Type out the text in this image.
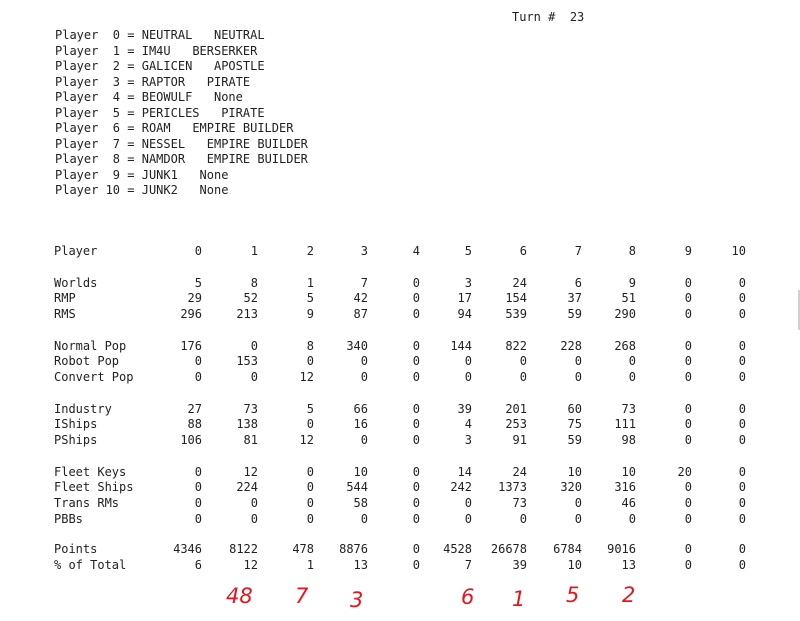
Turn # 23
Player  0 = NEUTRAL NEUTRAL
Player  1 = IM4U BERSERKER
Player  2 = GALICEN APOSTLE
Player  3 = RAPTOR PIRATE
Player  4 = BEOWULF None
Player  5 = PERICLES PIRATE
Player  6 = ROAM EMPIRE BUILDER
Player  7 = NESSEL EMPIRE BUILDER
Player  8 = NAMDOR EMPIRE BUILDER
Player  9 = JUNK1 None
Player 10 = JUNK2 None
Player	0	1	2	3	4	5	6	7	8	9	10
Worlds	5	8	1	7	0	3	24	6	9	0	0
RMP	29	52	5	42	0	17	154	37	51	0	0
RMS	296	213	9	87	0	94	539	59	290	0	0
Normal Pop	176	0	8	340	0	144	822	228	268	0	0
Robot Pop	0	153	0	0	0	0	0	0	0	0	0
Convert Pop	0	0	12	0	0	0	0	0	0	0	0
Industry	27	73	5	66	0	39	201	60	73	0	0
IShips	88	138	0	16	0	4	253	75	111	0	0
PShips	106	81	12	0	0	3	91	59	98	0	0
Fleet Keys	0	12	0	10	0	14	24	10	10	20	0
Fleet Ships	0	224	0	544	0	242	1373	320	316	0	0
Trans RMs	0	0	0	58	0	0	73	0	46	0	0
PBBs	0	0	0	0	0	0	0	0	0	0	0
Points	4346	8122	478	8876	0	4528	26678	6784	9016	0	0
% of Total	6	12	1	13	0	7	39	10	13	0	0
48 7 3	6 1 5 2
